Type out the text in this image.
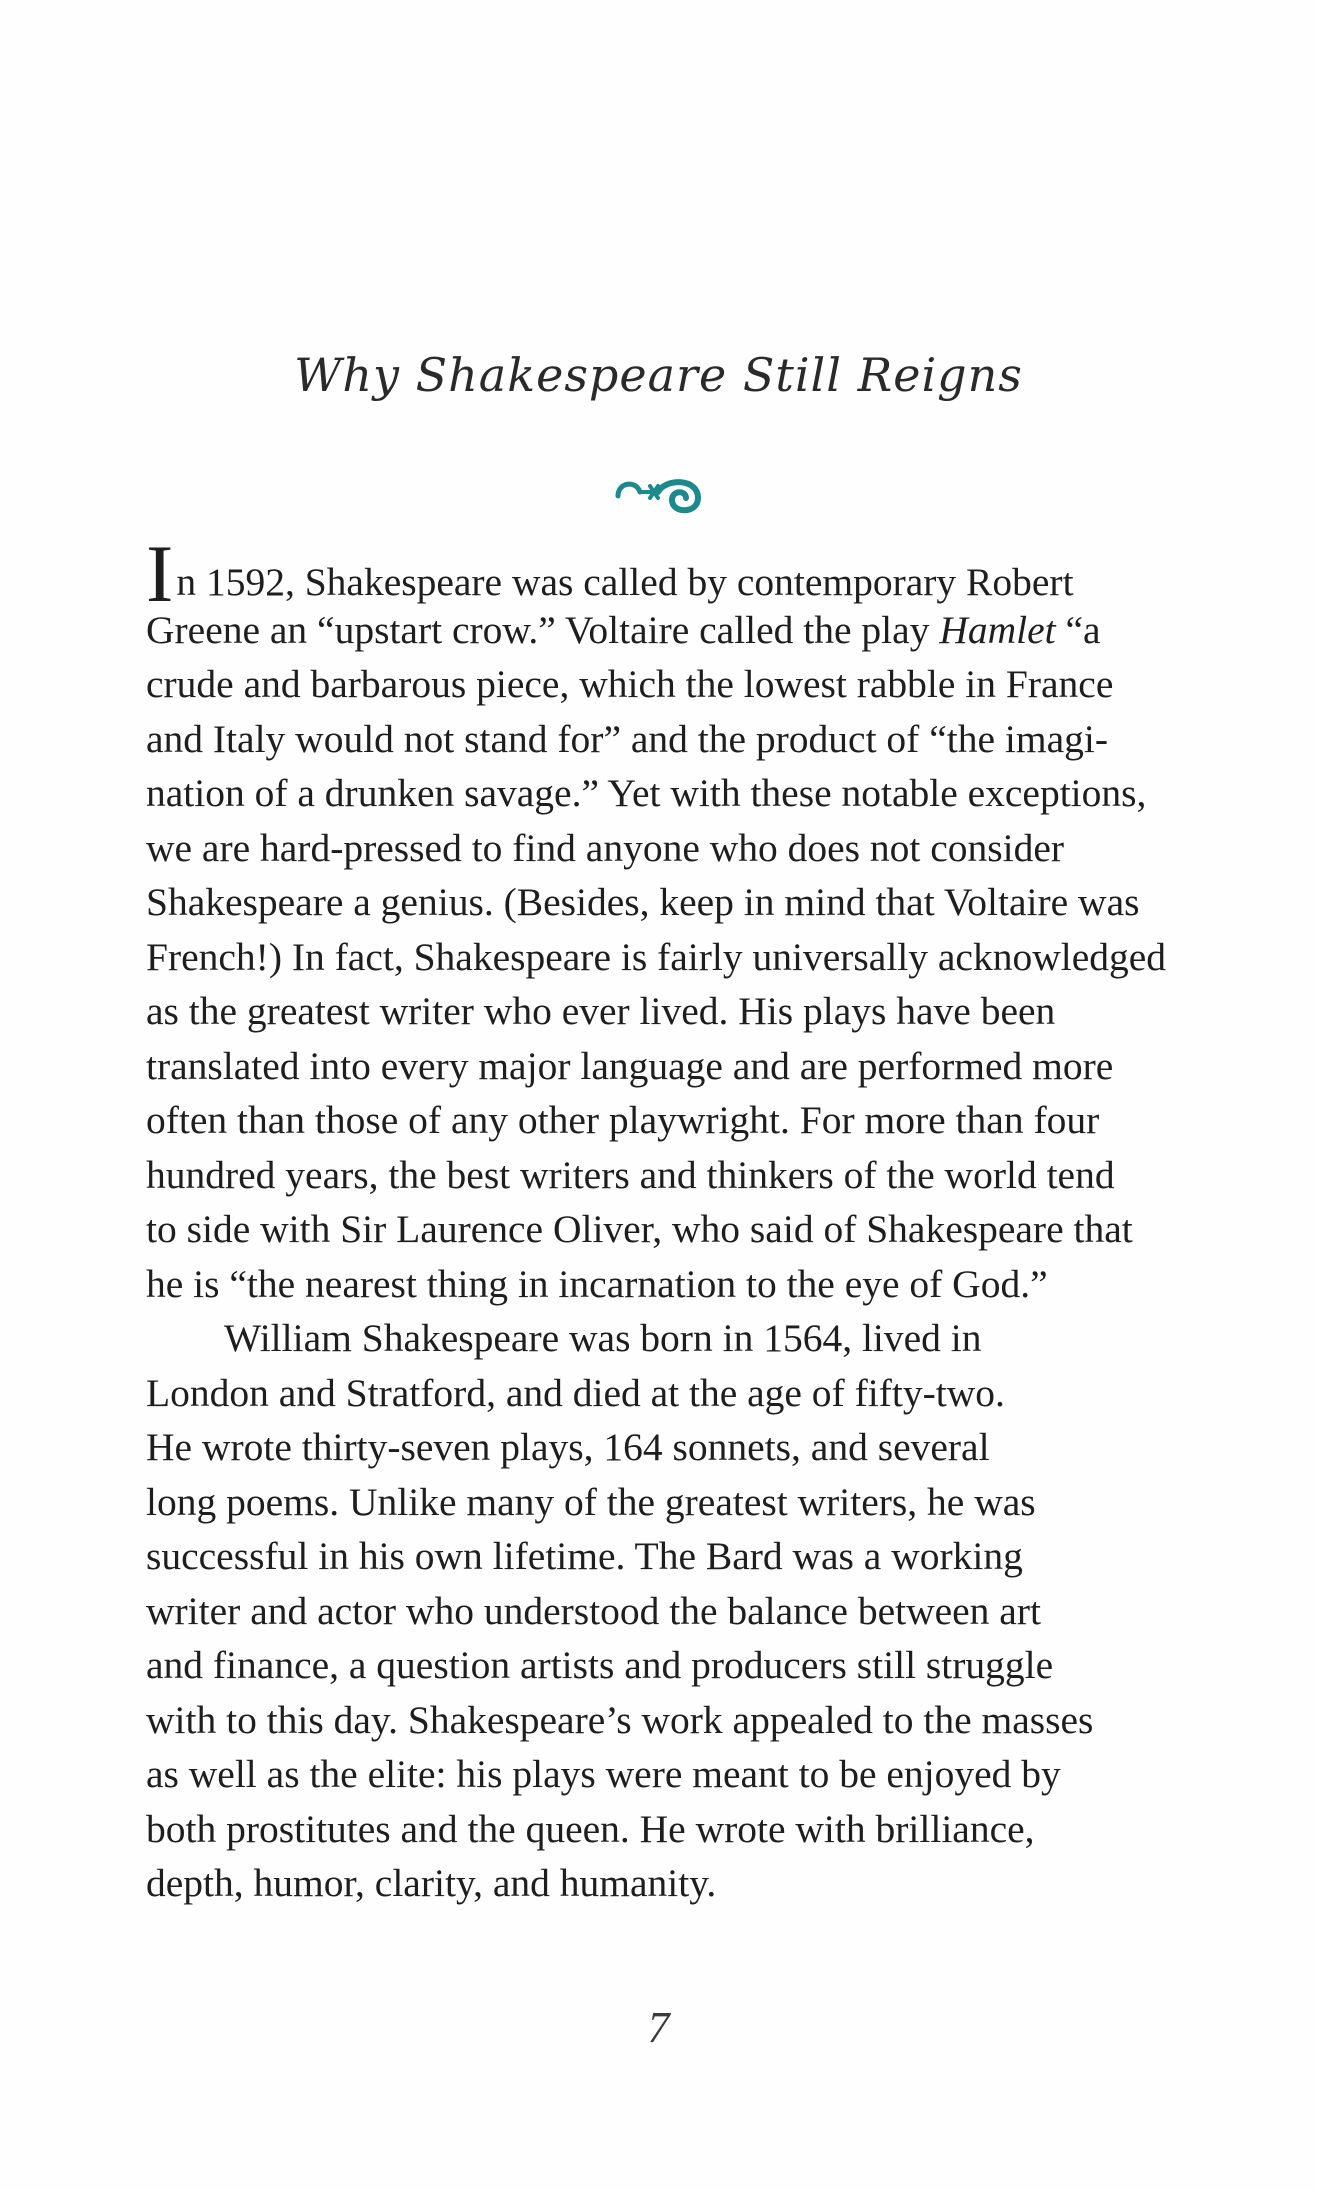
Why Shakespeare Still Reigns
In 1592, Shakespeare was called by contemporary Robert
Greene an “upstart crow.” Voltaire called the play Hamlet “a
crude and barbarous piece, which the lowest rabble in France
and Italy would not stand for” and the product of “the imagi-
nation of a drunken savage.” Yet with these notable exceptions,
we are hard-pressed to find anyone who does not consider
Shakespeare a genius. (Besides, keep in mind that Voltaire was
French!) In fact, Shakespeare is fairly universally acknowledged
as the greatest writer who ever lived. His plays have been
translated into every major language and are performed more
often than those of any other playwright. For more than four
hundred years, the best writers and thinkers of the world tend
to side with Sir Laurence Oliver, who said of Shakespeare that
he is “the nearest thing in incarnation to the eye of God.”
William Shakespeare was born in 1564, lived in
London and Stratford, and died at the age of fifty-two.
He wrote thirty-seven plays, 164 sonnets, and several
long poems. Unlike many of the greatest writers, he was
successful in his own lifetime. The Bard was a working
writer and actor who understood the balance between art
and finance, a question artists and producers still struggle
with to this day. Shakespeare’s work appealed to the masses
as well as the elite: his plays were meant to be enjoyed by
both prostitutes and the queen. He wrote with brilliance,
depth, humor, clarity, and humanity.
7
